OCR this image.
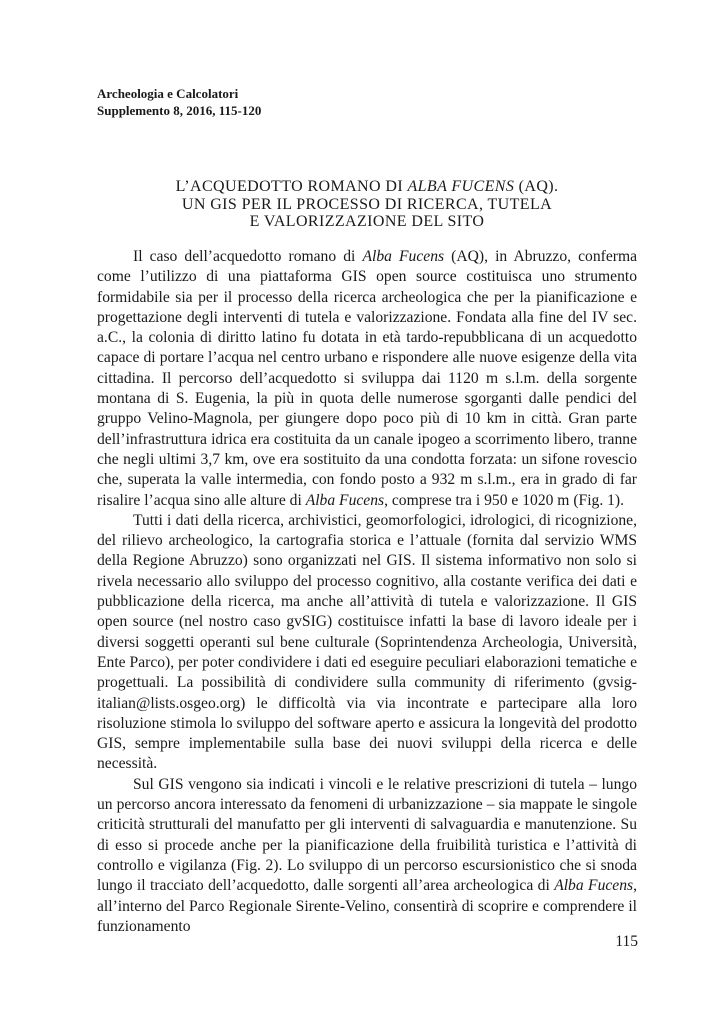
Archeologia e Calcolatori
Supplemento 8, 2016, 115-120
L’ACQUEDOTTO ROMANO DI ALBA FUCENS (AQ).
UN GIS PER IL PROCESSO DI RICERCA, TUTELA
E VALORIZZAZIONE DEL SITO

Il caso dell’acquedotto romano di Alba Fucens (AQ), in Abruzzo, conferma come l’utilizzo di una piattaforma GIS open source costituisca uno strumento formidabile sia per il processo della ricerca archeologica che per la pianificazione e progettazione degli interventi di tutela e valorizzazione. Fondata alla fine del IV sec. a.C., la colonia di diritto latino fu dotata in età tardo-repubblicana di un acquedotto capace di portare l’acqua nel centro urbano e rispondere alle nuove esigenze della vita cittadina. Il percorso dell’acquedotto si sviluppa dai 1120 m s.l.m. della sorgente montana di S. Eugenia, la più in quota delle numerose sgorganti dalle pendici del gruppo Velino-Magnola, per giungere dopo poco più di 10 km in città. Gran parte dell’infrastruttura idrica era costituita da un canale ipogeo a scorrimento libero, tranne che negli ultimi 3,7 km, ove era sostituito da una condotta forzata: un sifone rovescio che, superata la valle intermedia, con fondo posto a 932 m s.l.m., era in grado di far risalire l’acqua sino alle alture di Alba Fucens, comprese tra i 950 e 1020 m (Fig. 1).

Tutti i dati della ricerca, archivistici, geomorfologici, idrologici, di ricognizione, del rilievo archeologico, la cartografia storica e l’attuale (fornita dal servizio WMS della Regione Abruzzo) sono organizzati nel GIS. Il sistema informativo non solo si rivela necessario allo sviluppo del processo cognitivo, alla costante verifica dei dati e pubblicazione della ricerca, ma anche all’attività di tutela e valorizzazione. Il GIS open source (nel nostro caso gvSIG) costituisce infatti la base di lavoro ideale per i diversi soggetti operanti sul bene culturale (Soprintendenza Archeologia, Università, Ente Parco), per poter condividere i dati ed eseguire peculiari elaborazioni tematiche e progettuali. La possibilità di condividere sulla community di riferimento (gvsig-italian@lists.osgeo.org) le difficoltà via via incontrate e partecipare alla loro risoluzione stimola lo sviluppo del software aperto e assicura la longevità del prodotto GIS, sempre implementabile sulla base dei nuovi sviluppi della ricerca e delle necessità.

Sul GIS vengono sia indicati i vincoli e le relative prescrizioni di tutela – lungo un percorso ancora interessato da fenomeni di urbanizzazione – sia mappate le singole criticità strutturali del manufatto per gli interventi di salvaguardia e manutenzione. Su di esso si procede anche per la pianificazione della fruibilità turistica e l’attività di controllo e vigilanza (Fig. 2). Lo sviluppo di un percorso escursionistico che si snoda lungo il tracciato dell’acquedotto, dalle sorgenti all’area archeologica di Alba Fucens, all’interno del Parco Regionale Sirente-Velino, consentirà di scoprire e comprendere il funzionamento

115
